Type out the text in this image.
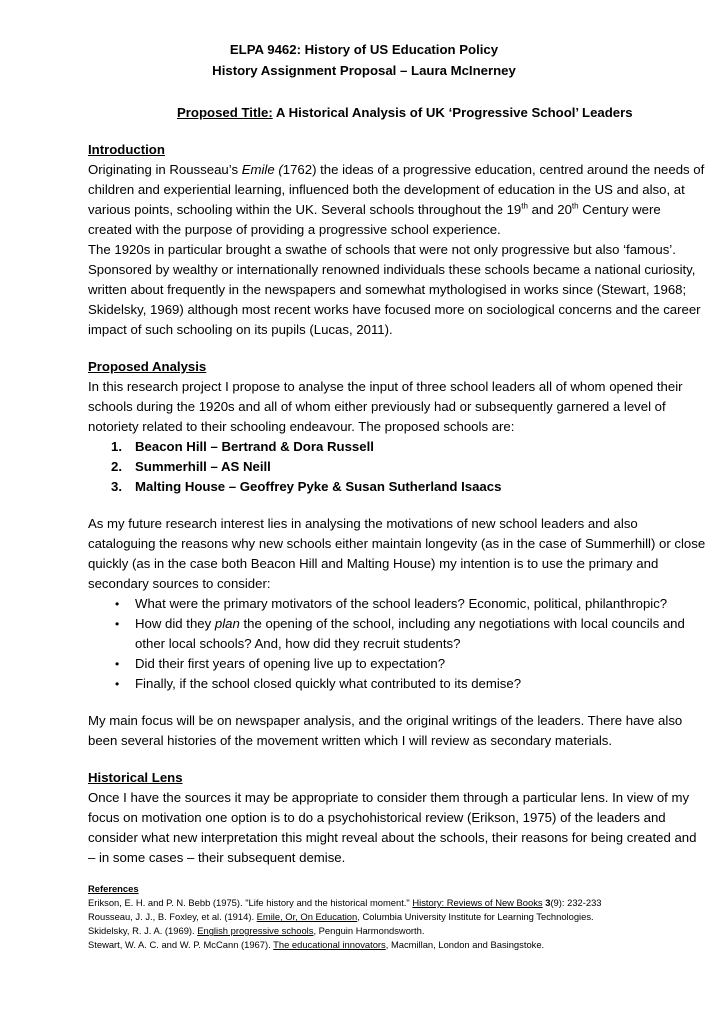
ELPA 9462: History of US Education Policy
History Assignment Proposal – Laura McInerney
Proposed Title: A Historical Analysis of UK ‘Progressive School’ Leaders
Introduction
Originating in Rousseau’s Emile (1762) the ideas of a progressive education, centred around the needs of
children and experiential learning, influenced both the development of education in the US and also, at
various points, schooling within the UK. Several schools throughout the 19th and 20th Century were
created with the purpose of providing a progressive school experience.
The 1920s in particular brought a swathe of schools that were not only progressive but also ‘famous’.
Sponsored by wealthy or internationally renowned individuals these schools became a national curiosity,
written about frequently in the newspapers and somewhat mythologised in works since (Stewart, 1968;
Skidelsky, 1969) although most recent works have focused more on sociological concerns and the career
impact of such schooling on its pupils (Lucas, 2011).
Proposed Analysis
In this research project I propose to analyse the input of three school leaders all of whom opened their
schools during the 1920s and all of whom either previously had or subsequently garnered a level of
notoriety related to their schooling endeavour. The proposed schools are:
1. Beacon Hill – Bertrand & Dora Russell
2. Summerhill – AS Neill
3. Malting House – Geoffrey Pyke & Susan Sutherland Isaacs
As my future research interest lies in analysing the motivations of new school leaders and also
cataloguing the reasons why new schools either maintain longevity (as in the case of Summerhill) or close
quickly (as in the case both Beacon Hill and Malting House) my intention is to use the primary and
secondary sources to consider:
• What were the primary motivators of the school leaders? Economic, political, philanthropic?
• How did they plan the opening of the school, including any negotiations with local councils and
other local schools? And, how did they recruit students?
• Did their first years of opening live up to expectation?
• Finally, if the school closed quickly what contributed to its demise?
My main focus will be on newspaper analysis, and the original writings of the leaders. There have also
been several histories of the movement written which I will review as secondary materials.
Historical Lens
Once I have the sources it may be appropriate to consider them through a particular lens. In view of my
focus on motivation one option is to do a psychohistorical review (Erikson, 1975) of the leaders and
consider what new interpretation this might reveal about the schools, their reasons for being created and
– in some cases – their subsequent demise.
References
Erikson, E. H. and P. N. Bebb (1975). "Life history and the historical moment." History: Reviews of New Books 3(9): 232-233
Rousseau, J. J., B. Foxley, et al. (1914). Emile, Or, On Education, Columbia University Institute for Learning Technologies.
Skidelsky, R. J. A. (1969). English progressive schools, Penguin Harmondsworth.
Stewart, W. A. C. and W. P. McCann (1967). The educational innovators, Macmillan, London and Basingstoke.
